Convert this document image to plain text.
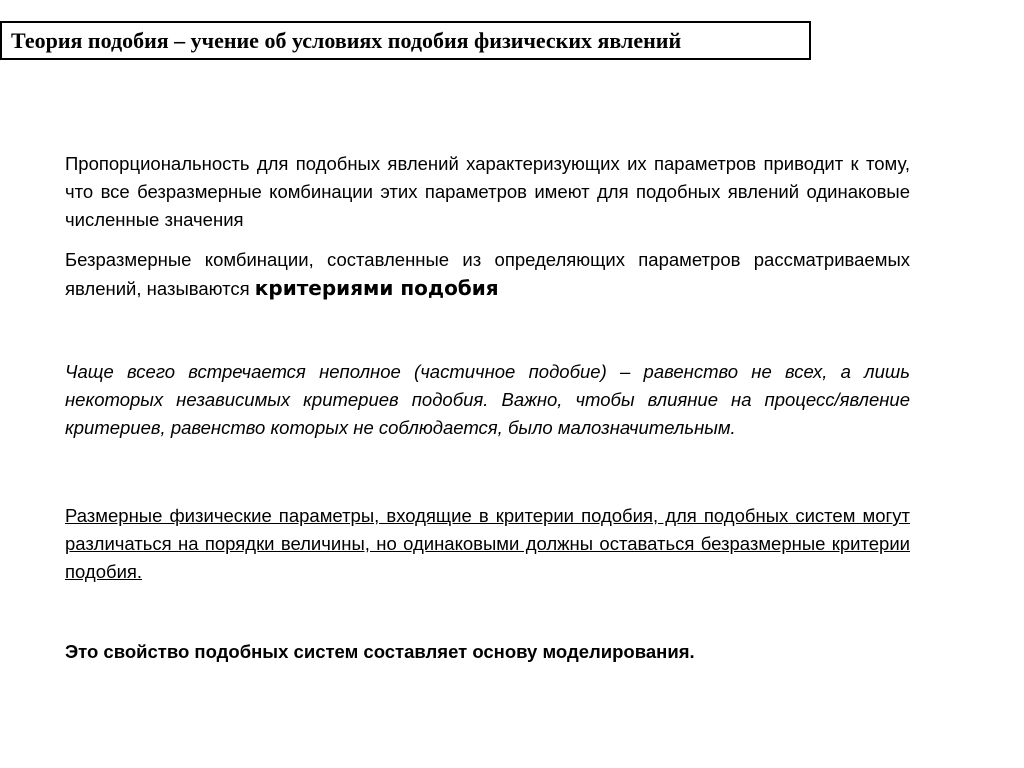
Теория подобия – учение об условиях подобия физических явлений
Пропорциональность для подобных явлений характеризующих их параметров приводит к тому, что все безразмерные комбинации этих параметров имеют для подобных явлений одинаковые численные значения
Безразмерные комбинации, составленные из определяющих параметров рассматриваемых явлений, называются критериями подобия
Чаще всего встречается неполное (частичное подобие) – равенство не всех, а лишь некоторых независимых критериев подобия. Важно, чтобы влияние на процесс/явление критериев, равенство которых не соблюдается, было малозначительным.
Размерные физические параметры, входящие в критерии подобия, для подобных систем могут различаться на порядки величины, но одинаковыми должны оставаться безразмерные критерии подобия.
Это свойство подобных систем составляет основу моделирования.
